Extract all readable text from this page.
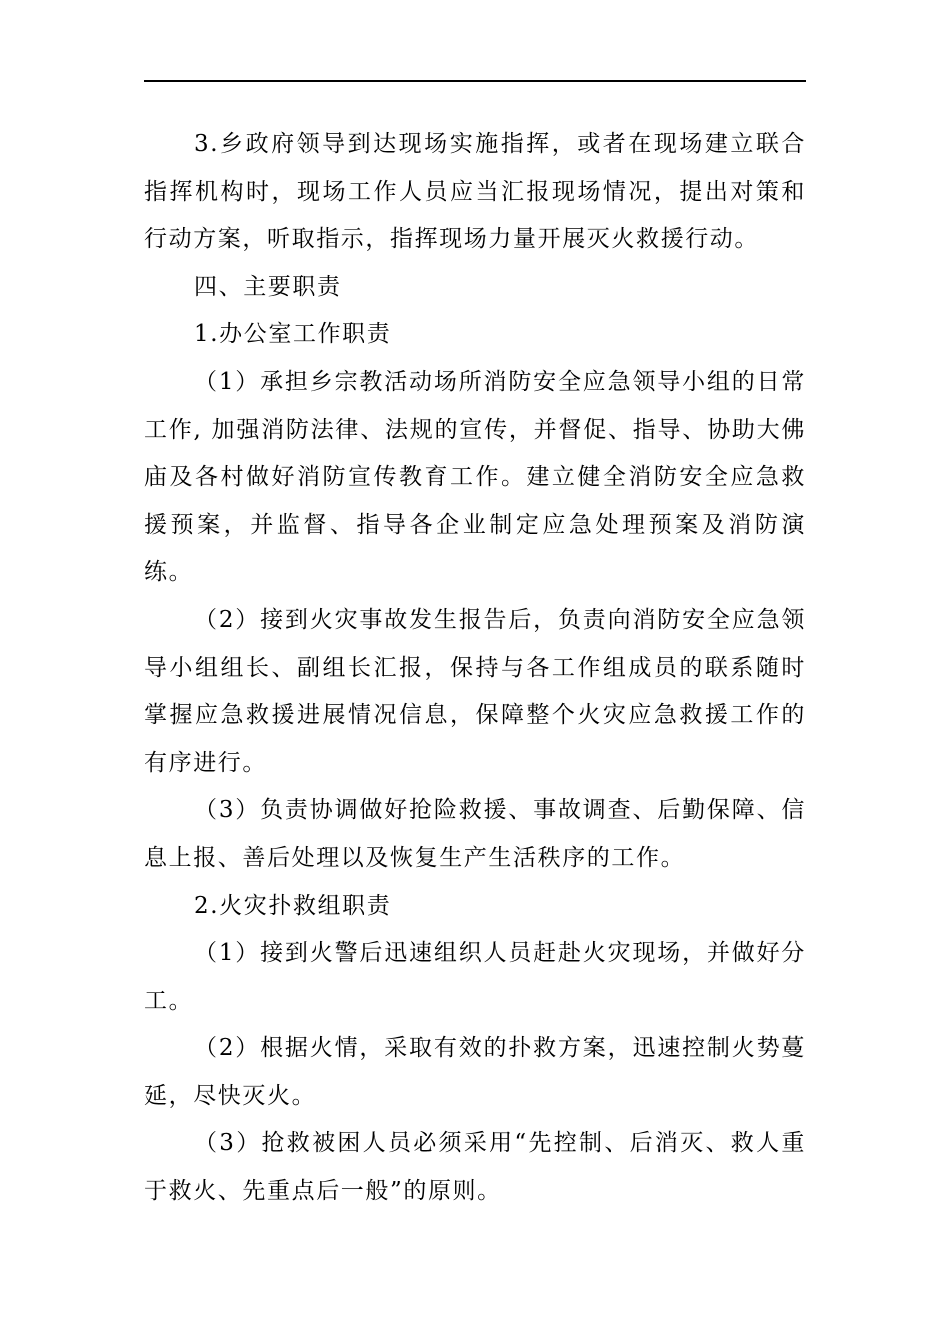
3.乡政府领导到达现场实施指挥，或者在现场建立联合指挥机构时，现场工作人员应当汇报现场情况，提出对策和行动方案，听取指示，指挥现场力量开展灭火救援行动。

四、主要职责

1.办公室工作职责

（1）承担乡宗教活动场所消防安全应急领导小组的日常工作, 加强消防法律、法规的宣传，并督促、指导、协助大佛庙及各村做好消防宣传教育工作。建立健全消防安全应急救援预案，并监督、指导各企业制定应急处理预案及消防演练。

（2）接到火灾事故发生报告后，负责向消防安全应急领导小组组长、副组长汇报，保持与各工作组成员的联系随时掌握应急救援进展情况信息，保障整个火灾应急救援工作的有序进行。

（3）负责协调做好抢险救援、事故调查、后勤保障、信息上报、善后处理以及恢复生产生活秩序的工作。

2.火灾扑救组职责

（1）接到火警后迅速组织人员赶赴火灾现场，并做好分工。

（2）根据火情，采取有效的扑救方案，迅速控制火势蔓延，尽快灭火。

（3）抢救被困人员必须采用“先控制、后消灭、救人重于救火、先重点后一般”的原则。
